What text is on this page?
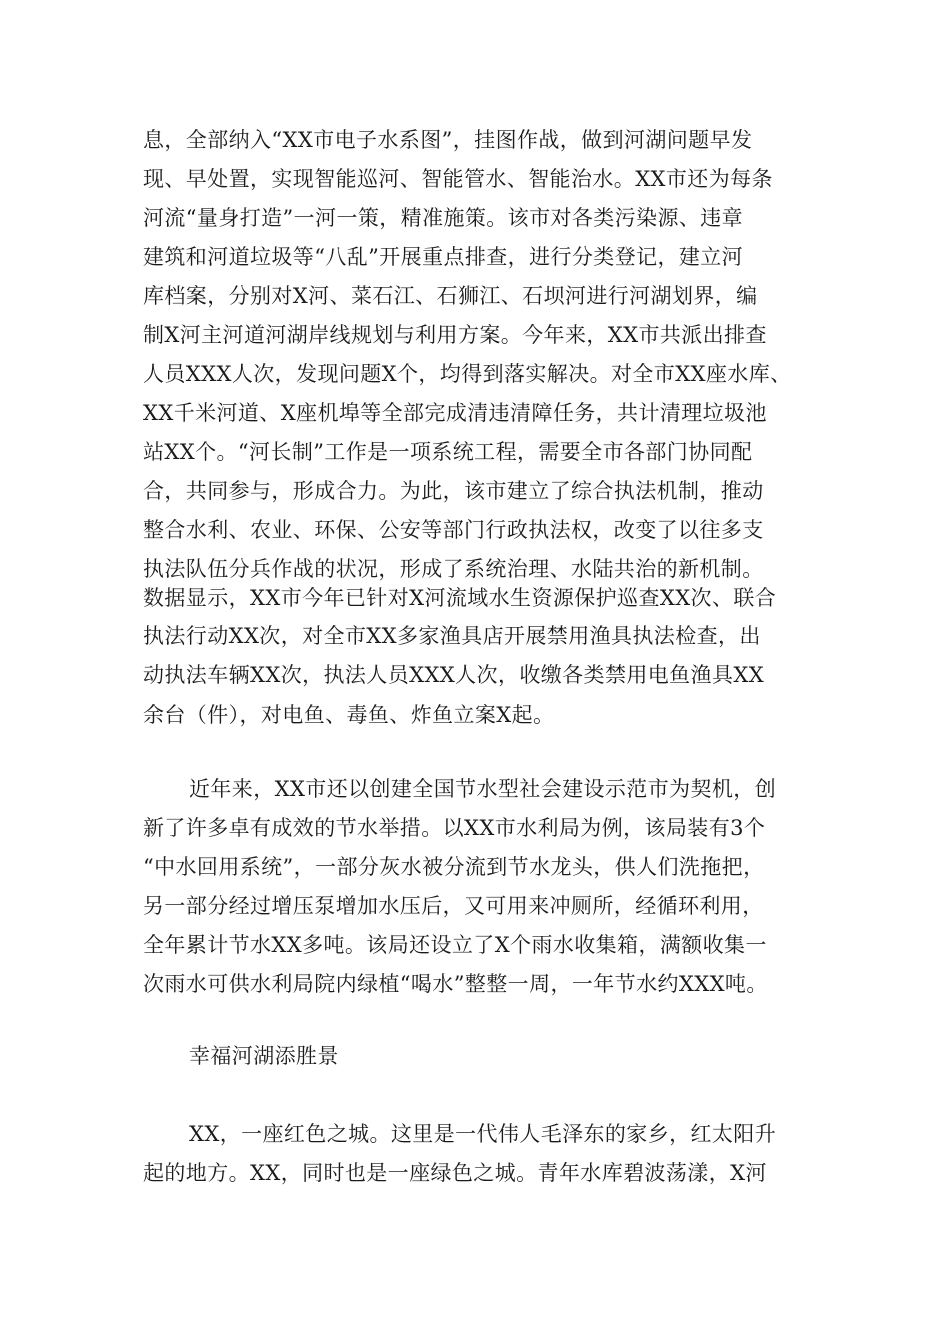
息，全部纳入“XX市电子水系图”，挂图作战，做到河湖问题早发
现、早处置，实现智能巡河、智能管水、智能治水。XX市还为每条
河流“量身打造”一河一策，精准施策。该市对各类污染源、违章
建筑和河道垃圾等“八乱”开展重点排查，进行分类登记，建立河
库档案，分别对X河、菜石江、石狮江、石坝河进行河湖划界，编
制X河主河道河湖岸线规划与利用方案。今年来，XX市共派出排查
人员XXX人次，发现问题X个，均得到落实解决。对全市XX座水库、
XX千米河道、X座机埠等全部完成清违清障任务，共计清理垃圾池
站XX个。“河长制”工作是一项系统工程，需要全市各部门协同配
合，共同参与，形成合力。为此，该市建立了综合执法机制，推动
整合水利、农业、环保、公安等部门行政执法权，改变了以往多支
执法队伍分兵作战的状况，形成了系统治理、水陆共治的新机制。
数据显示，XX市今年已针对X河流域水生资源保护巡查XX次、联合
执法行动XX次，对全市XX多家渔具店开展禁用渔具执法检查，出
动执法车辆XX次，执法人员XXX人次，收缴各类禁用电鱼渔具XX
余台（件），对电鱼、毒鱼、炸鱼立案X起。
近年来，XX市还以创建全国节水型社会建设示范市为契机，创
新了许多卓有成效的节水举措。以XX市水利局为例，该局装有3个
“中水回用系统”，一部分灰水被分流到节水龙头，供人们洗拖把，
另一部分经过增压泵增加水压后，又可用来冲厕所，经循环利用，
全年累计节水XX多吨。该局还设立了X个雨水收集箱，满额收集一
次雨水可供水利局院内绿植“喝水”整整一周，一年节水约XXX吨。
幸福河湖添胜景
XX，一座红色之城。这里是一代伟人毛泽东的家乡，红太阳升
起的地方。XX，同时也是一座绿色之城。青年水库碧波荡漾，X河
